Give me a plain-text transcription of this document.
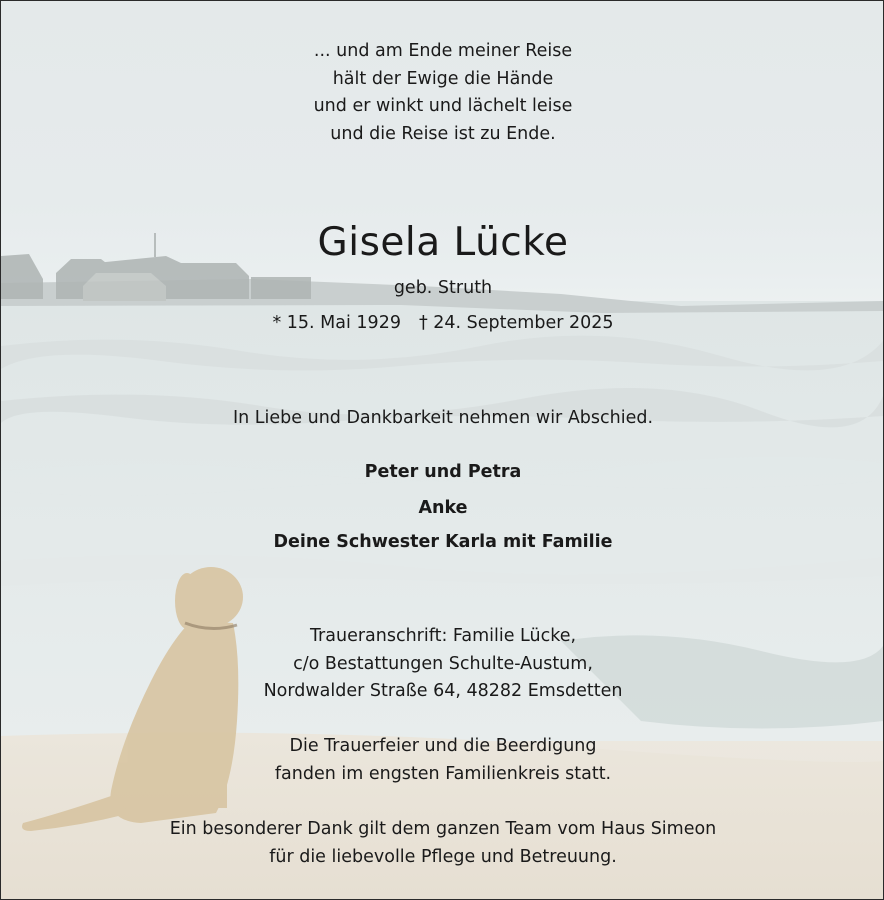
... und am Ende meiner Reise
hält der Ewige die Hände
und er winkt und lächelt leise
und die Reise ist zu Ende.
Gisela Lücke
geb. Struth
* 15. Mai 1929 † 24. September 2025
In Liebe und Dankbarkeit nehmen wir Abschied.
Peter und Petra
Anke
Deine Schwester Karla mit Familie
Traueranschrift: Familie Lücke,
c/o Bestattungen Schulte-Austum,
Nordwalder Straße 64, 48282 Emsdetten
Die Trauerfeier und die Beerdigung
fanden im engsten Familienkreis statt.
Ein besonderer Dank gilt dem ganzen Team vom Haus Simeon
für die liebevolle Pflege und Betreuung.
